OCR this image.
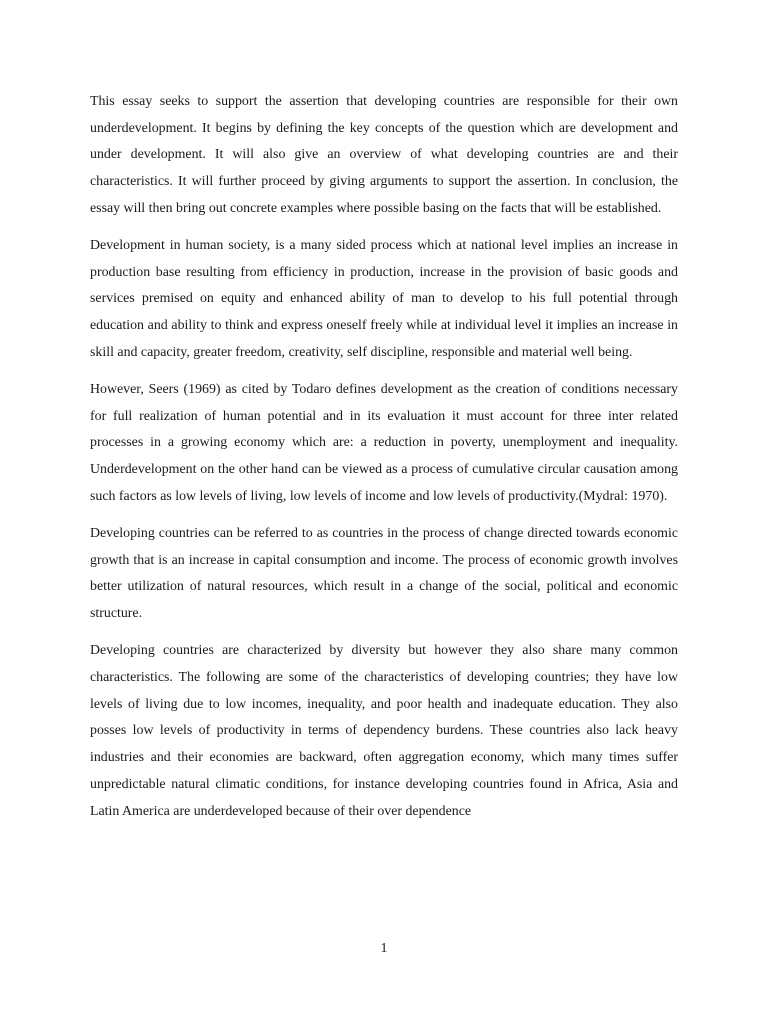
This essay seeks to support the assertion that developing countries are responsible for their own underdevelopment. It begins by defining the key concepts of the question which are development and under development. It will also give an overview of what developing countries are and their characteristics. It will further proceed by giving arguments to support the assertion. In conclusion, the essay will then bring out concrete examples where possible basing on the facts that will be established.

Development in human society, is a many sided process which at national level implies an increase in production base resulting from efficiency in production, increase in the provision of basic goods and services premised on equity and enhanced ability of man to develop to his full potential through education and ability to think and express oneself freely while at individual level it implies an increase in skill and capacity, greater freedom, creativity, self discipline, responsible and material well being.

However, Seers (1969) as cited by Todaro defines development as the creation of conditions necessary for full realization of human potential and in its evaluation it must account for three inter related processes in a growing economy which are: a reduction in poverty, unemployment and inequality. Underdevelopment on the other hand can be viewed as a process of cumulative circular causation among such factors as low levels of living, low levels of income and low levels of productivity.(Mydral: 1970).

Developing countries can be referred to as countries in the process of change directed towards economic growth that is an increase in capital consumption and income. The process of economic growth involves better utilization of natural resources, which result in a change of the social, political and economic structure.

Developing countries are characterized by diversity but however they also share many common characteristics. The following are some of the characteristics of developing countries; they have low levels of living due to low incomes, inequality, and poor health and inadequate education. They also posses low levels of productivity in terms of dependency burdens. These countries also lack heavy industries and their economies are backward, often aggregation economy, which many times suffer unpredictable natural climatic conditions, for instance developing countries found in Africa, Asia and Latin America are underdeveloped because of their over dependence

1
